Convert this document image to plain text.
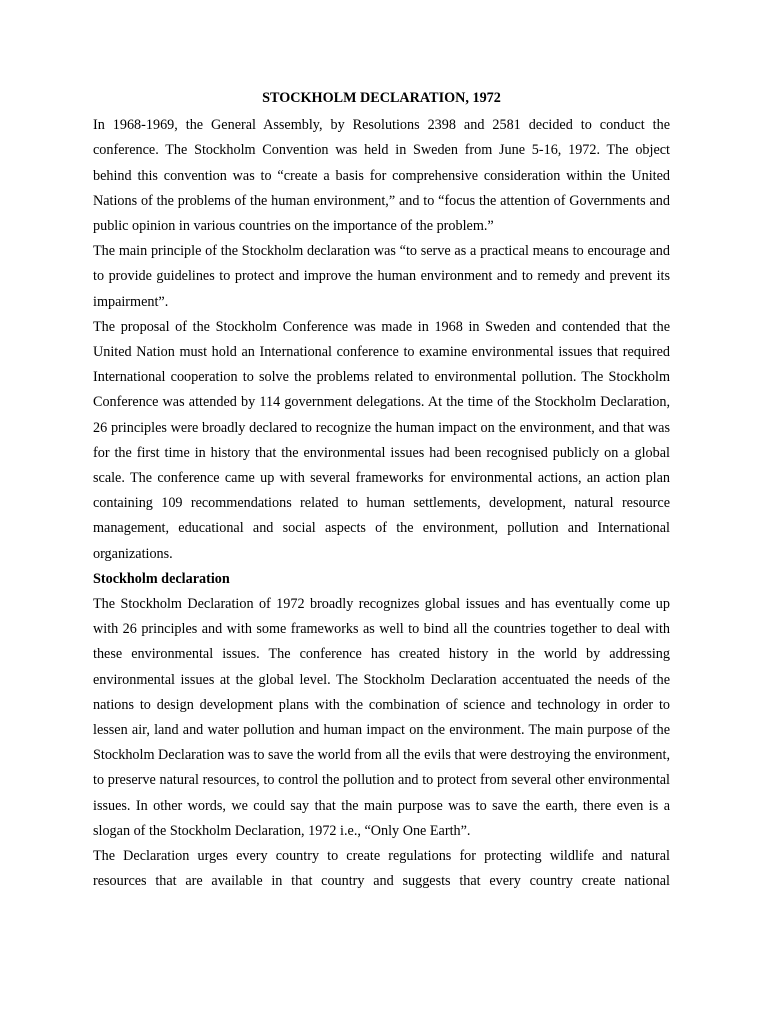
STOCKHOLM DECLARATION, 1972

In 1968-1969, the General Assembly, by Resolutions 2398 and 2581 decided to conduct the conference. The Stockholm Convention was held in Sweden from June 5-16, 1972. The object behind this convention was to “create a basis for comprehensive consideration within the United Nations of the problems of the human environment,” and to “focus the attention of Governments and public opinion in various countries on the importance of the problem.”

The main principle of the Stockholm declaration was “to serve as a practical means to encourage and to provide guidelines to protect and improve the human environment and to remedy and prevent its impairment”.

The proposal of the Stockholm Conference was made in 1968 in Sweden and contended that the United Nation must hold an International conference to examine environmental issues that required International cooperation to solve the problems related to environmental pollution. The Stockholm Conference was attended by 114 government delegations. At the time of the Stockholm Declaration, 26 principles were broadly declared to recognize the human impact on the environment, and that was for the first time in history that the environmental issues had been recognised publicly on a global scale. The conference came up with several frameworks for environmental actions, an action plan containing 109 recommendations related to human settlements, development, natural resource management, educational and social aspects of the environment, pollution and International organizations.

Stockholm declaration

The Stockholm Declaration of 1972 broadly recognizes global issues and has eventually come up with 26 principles and with some frameworks as well to bind all the countries together to deal with these environmental issues. The conference has created history in the world by addressing environmental issues at the global level. The Stockholm Declaration accentuated the needs of the nations to design development plans with the combination of science and technology in order to lessen air, land and water pollution and human impact on the environment. The main purpose of the Stockholm Declaration was to save the world from all the evils that were destroying the environment, to preserve natural resources, to control the pollution and to protect from several other environmental issues. In other words, we could say that the main purpose was to save the earth, there even is a slogan of the Stockholm Declaration, 1972 i.e., “Only One Earth”.

The Declaration urges every country to create regulations for protecting wildlife and natural resources that are available in that country and suggests that every country create national
